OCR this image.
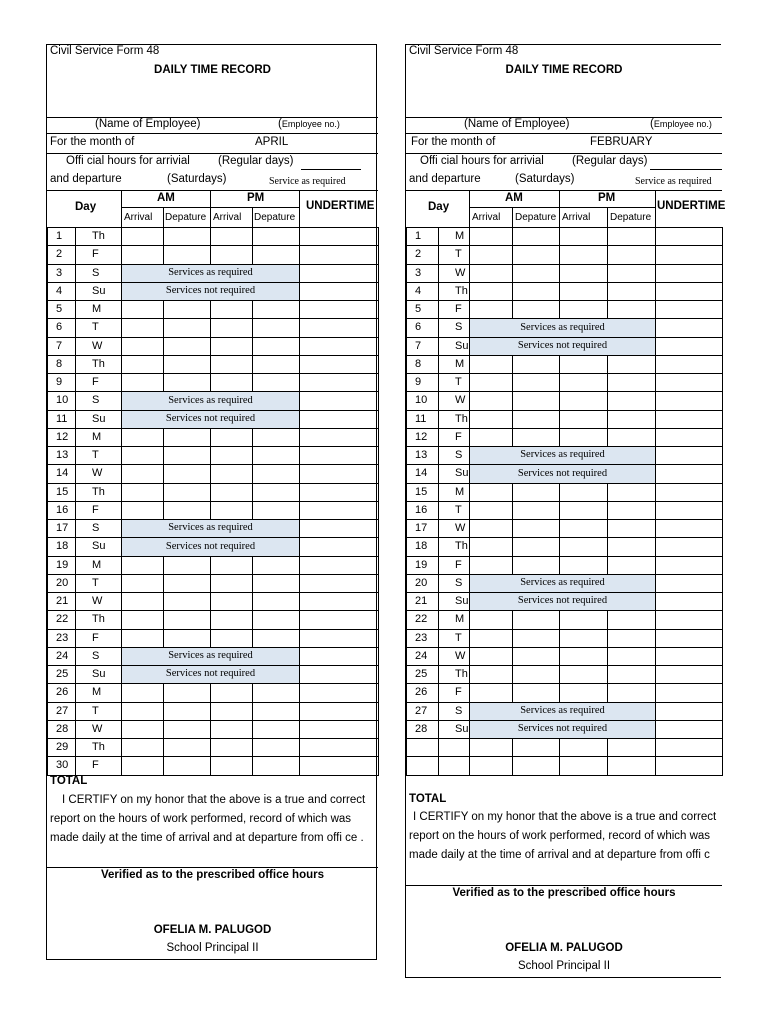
Civil Service Form 48
DAILY TIME RECORD
(Name of Employee)	(Employee no.)
For the month of	APRIL
Offi cial hours for arrivial (Regular days)
and departure	(Saturdays)	Service as required
Day
AM	PM
UNDERTIME
Arrival Depature Arrival Depature
1	Th					
2	F					
3	S	Services as required				
4	Su	Services not required				
5	M					
6	T					
7	W					
8	Th					
9	F					
10	S	Services as required				
11	Su	Services not required				
12	M					
13	T					
14	W					
15	Th					
16	F					
17	S	Services as required				
18	Su	Services not required				
19	M					
20	T					
21	W					
22	Th					
23	F					
24	S	Services as required				
25	Su	Services not required				
26	M					
27	T					
28	W					
29	Th					
30	F					
TOTAL
I CERTIFY on my honor that the above is a true and correct
report on the hours of work performed, record of which was
made daily at the time of arrival and at departure from offi ce .
Verified as to the prescribed office hours
OFELIA M. PALUGOD
School Principal II
Civil Service Form 48
DAILY TIME RECORD
(Name of Employee)	(Employee no.)
For the month of	FEBRUARY
Offi cial hours for arrivial (Regular days)
and departure	(Saturdays)	Service as required
Day
AM	PM
UNDERTIME
Arrival Depature Arrival Depature
1	M					
2	T					
3	W					
4	Th					
5	F					
6	S	Services as required				
7	Su	Services not required				
8	M					
9	T					
10	W					
11	Th					
12	F					
13	S	Services as required				
14	Su	Services not required				
15	M					
16	T					
17	W					
18	Th					
19	F					
20	S	Services as required				
21	Su	Services not required				
22	M					
23	T					
24	W					
25	Th					
26	F					
27	S	Services as required				
28	Su	Services not required				

TOTAL
I CERTIFY on my honor that the above is a true and correct
report on the hours of work performed, record of which was
made daily at the time of arrival and at departure from offi c
Verified as to the prescribed office hours
OFELIA M. PALUGOD
School Principal II
